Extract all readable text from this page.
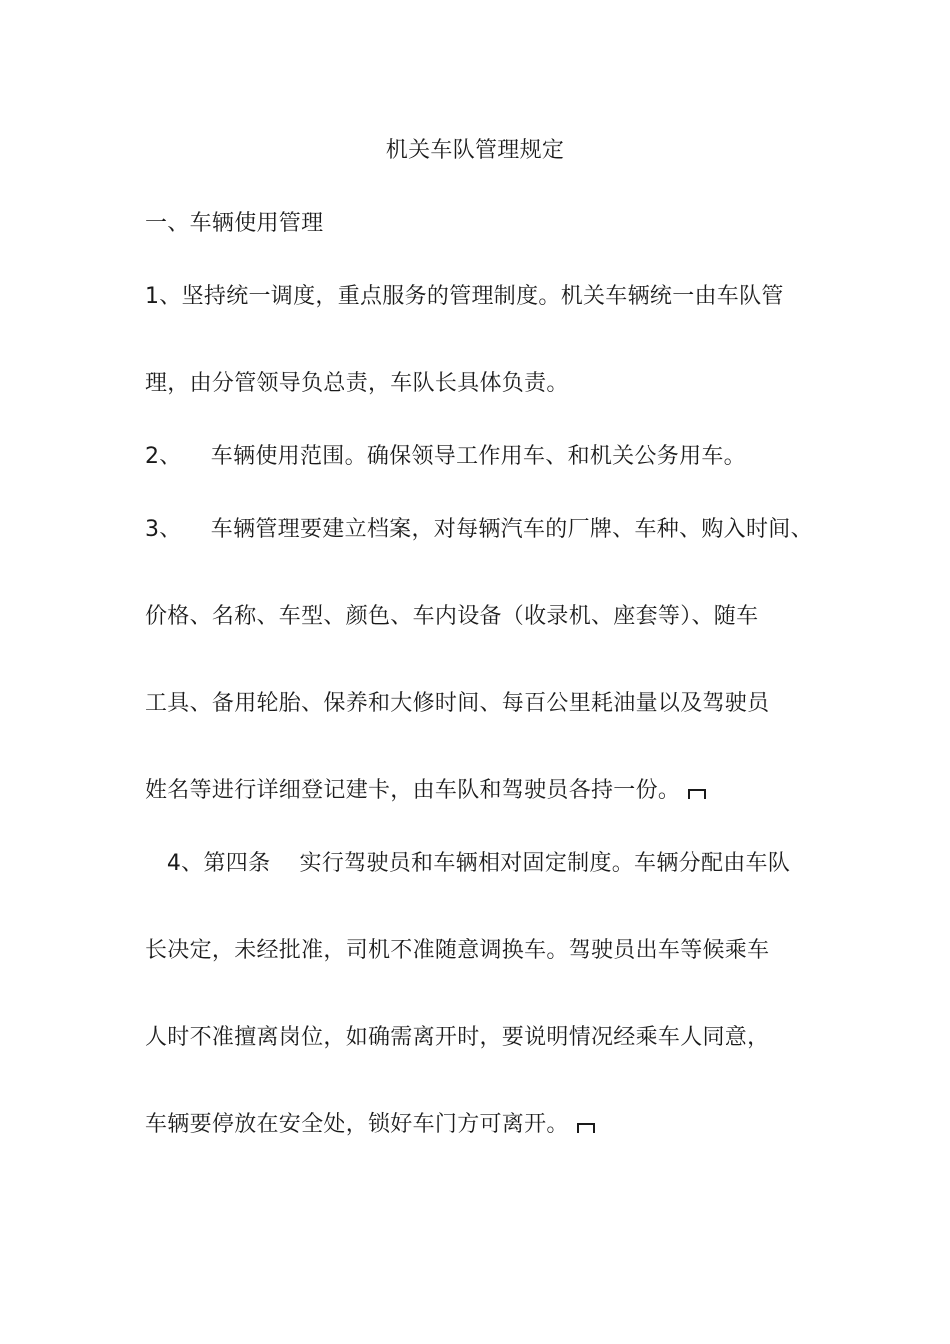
机关车队管理规定
一、车辆使用管理
1、坚持统一调度，重点服务的管理制度。机关车辆统一由车队管
理，由分管领导负总责，车队长具体负责。
2、    车辆使用范围。确保领导工作用车、和机关公务用车。
3、    车辆管理要建立档案，对每辆汽车的厂牌、车种、购入时间、
价格、名称、车型、颜色、车内设备（收录机、座套等）、随车
工具、备用轮胎、保养和大修时间、每百公里耗油量以及驾驶员
姓名等进行详细登记建卡，由车队和驾驶员各持一份。
4、第四条    实行驾驶员和车辆相对固定制度。车辆分配由车队
长决定，未经批准，司机不准随意调换车。驾驶员出车等候乘车
人时不准擅离岗位，如确需离开时，要说明情况经乘车人同意，
车辆要停放在安全处，锁好车门方可离开。
